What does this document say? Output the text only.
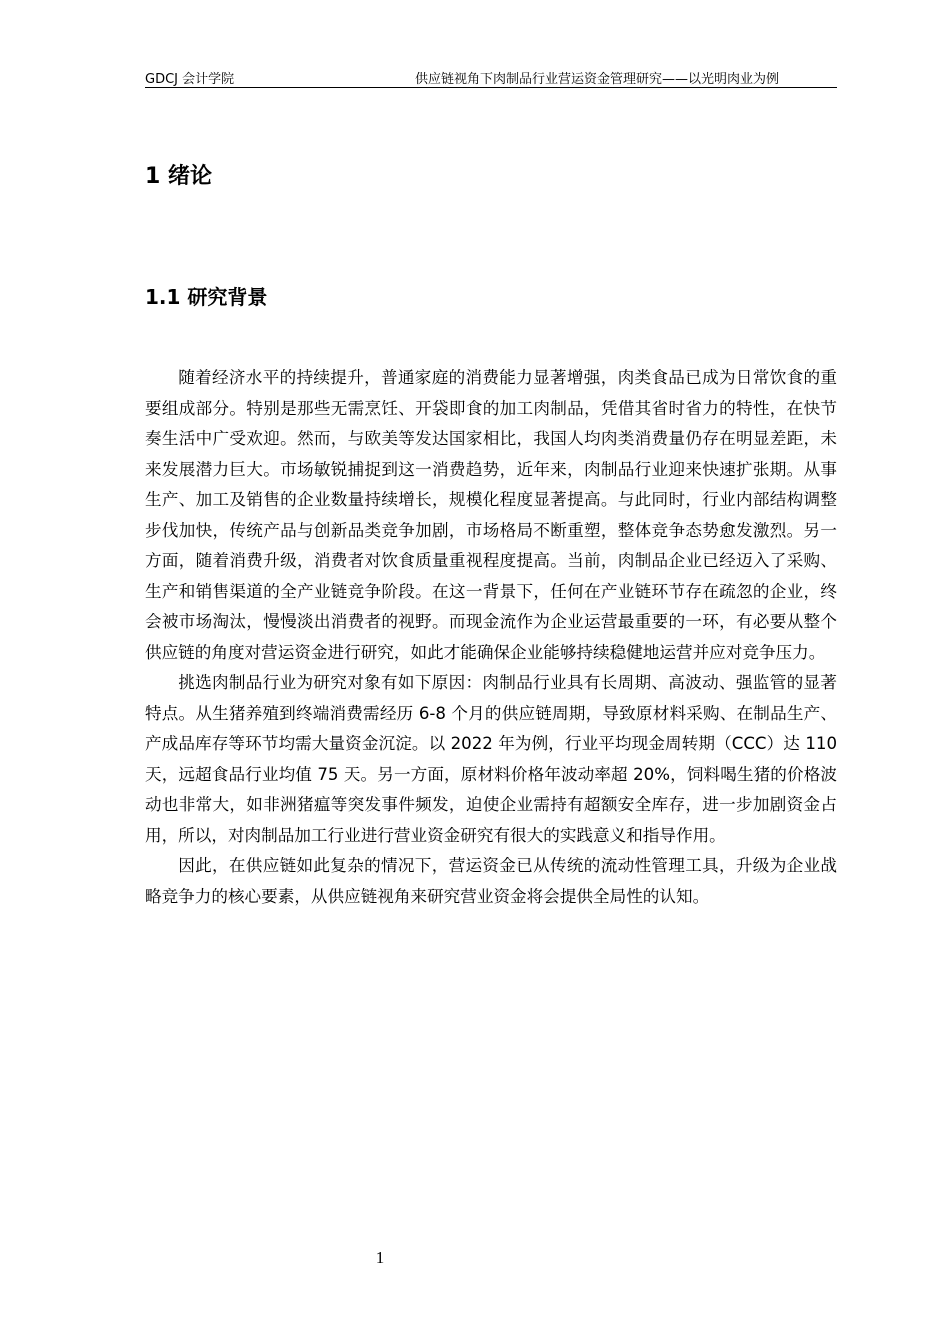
GDCJ 会计学院	供应链视角下肉制品行业营运资金管理研究——以光明肉业为例
1 绪论
1.1 研究背景

随着经济水平的持续提升，普通家庭的消费能力显著增强，肉类食品已成为日常饮食的重要组成部分。特别是那些无需烹饪、开袋即食的加工肉制品，凭借其省时省力的特性，在快节奏生活中广受欢迎。然而，与欧美等发达国家相比，我国人均肉类消费量仍存在明显差距，未来发展潜力巨大。市场敏锐捕捉到这一消费趋势，近年来，肉制品行业迎来快速扩张期。从事生产、加工及销售的企业数量持续增长，规模化程度显著提高。与此同时，行业内部结构调整步伐加快，传统产品与创新品类竞争加剧，市场格局不断重塑，整体竞争态势愈发激烈。另一方面，随着消费升级，消费者对饮食质量重视程度提高。当前，肉制品企业已经迈入了采购、生产和销售渠道的全产业链竞争阶段。在这一背景下，任何在产业链环节存在疏忽的企业，终会被市场淘汰，慢慢淡出消费者的视野。而现金流作为企业运营最重要的一环，有必要从整个供应链的角度对营运资金进行研究，如此才能确保企业能够持续稳健地运营并应对竞争压力。

挑选肉制品行业为研究对象有如下原因：肉制品行业具有长周期、高波动、强监管的显著特点。从生猪养殖到终端消费需经历 6-8 个月的供应链周期，导致原材料采购、在制品生产、产成品库存等环节均需大量资金沉淀。以 2022 年为例，行业平均现金周转期（CCC）达 110 天，远超食品行业均值 75 天。另一方面，原材料价格年波动率超 20%，饲料喝生猪的价格波动也非常大，如非洲猪瘟等突发事件频发，迫使企业需持有超额安全库存，进一步加剧资金占用，所以，对肉制品加工行业进行营业资金研究有很大的实践意义和指导作用。

因此，在供应链如此复杂的情况下，营运资金已从传统的流动性管理工具，升级为企业战略竞争力的核心要素，从供应链视角来研究营业资金将会提供全局性的认知。

1
